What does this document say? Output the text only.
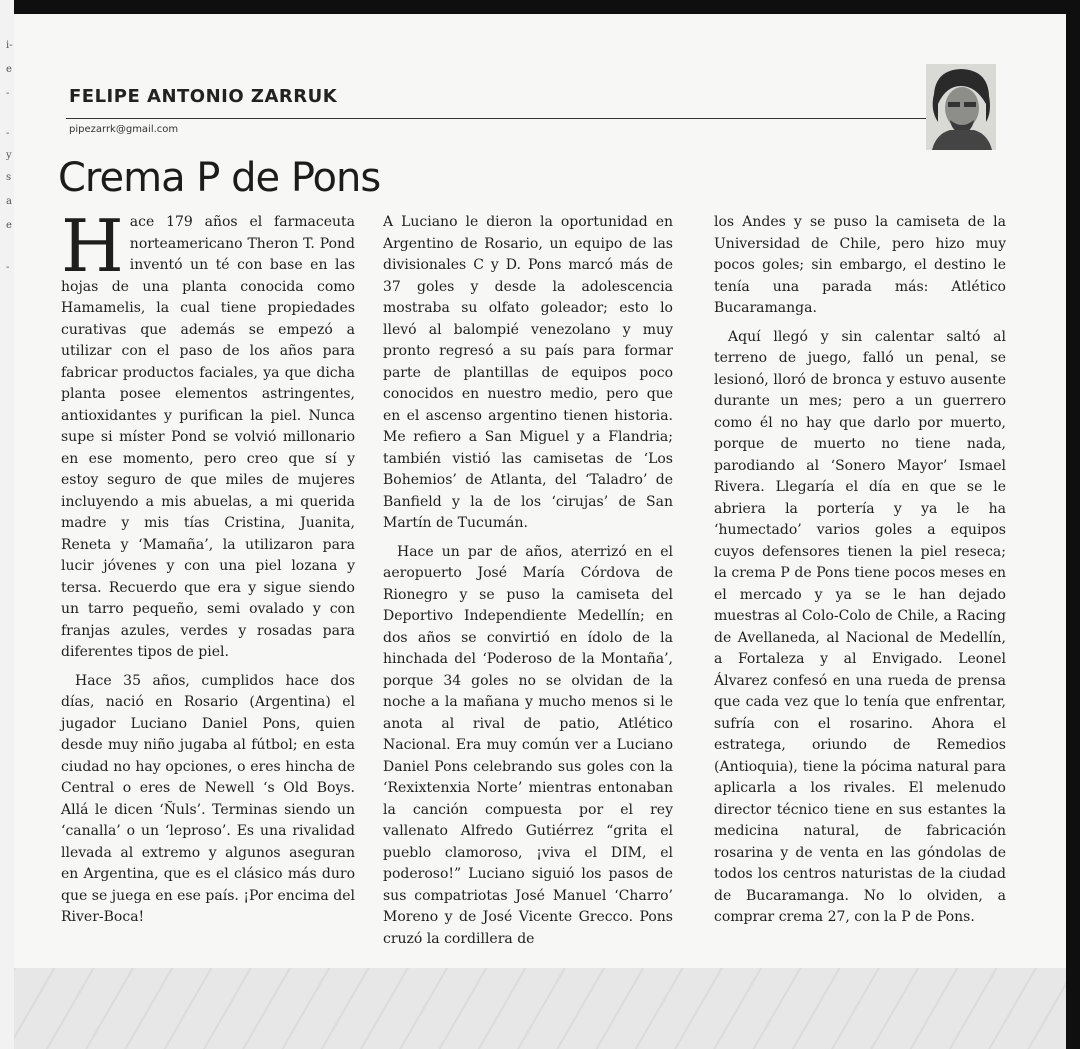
i-
e
-
-
y
s
a
e
-
FELIPE ANTONIO ZARRUK
pipezarrk@gmail.com
Crema P de Pons

Hace 179 años el farmaceuta norteamericano Theron T. Pond inventó un té con base en las hojas de una planta conocida como Hamamelis, la cual tiene propiedades curativas que además se empezó a utilizar con el paso de los años para fabricar productos faciales, ya que dicha planta posee elementos astringentes, antioxidantes y purifican la piel. Nunca supe si míster Pond se volvió millonario en ese momento, pero creo que sí y estoy seguro de que miles de mujeres incluyendo a mis abuelas, a mi querida madre y mis tías Cristina, Juanita, Reneta y ‘Mamaña’, la utilizaron para lucir jóvenes y con una piel lozana y tersa. Recuerdo que era y sigue siendo un tarro pequeño, semi ovalado y con franjas azules, verdes y rosadas para diferentes tipos de piel.

Hace 35 años, cumplidos hace dos días, nació en Rosario (Argentina) el jugador Luciano Daniel Pons, quien desde muy niño jugaba al fútbol; en esta ciudad no hay opciones, o eres hincha de Central o eres de Newell ‘s Old Boys. Allá le dicen ‘Ñuls’. Terminas siendo un ‘canalla’ o un ‘leproso’. Es una rivalidad llevada al extremo y algunos aseguran en Argentina, que es el clásico más duro que se juega en ese país. ¡Por encima del River-Boca!

A Luciano le dieron la oportunidad en Argentino de Rosario, un equipo de las divisionales C y D. Pons marcó más de 37 goles y desde la adolescencia mostraba su olfato goleador; esto lo llevó al balompié venezolano y muy pronto regresó a su país para formar parte de plantillas de equipos poco conocidos en nuestro medio, pero que en el ascenso argentino tienen historia. Me refiero a San Miguel y a Flandria; también vistió las camisetas de ‘Los Bohemios’ de Atlanta, del ‘Taladro’ de Banfield y la de los ‘cirujas’ de San Martín de Tucumán.

Hace un par de años, aterrizó en el aeropuerto José María Córdova de Rionegro y se puso la camiseta del Deportivo Independiente Medellín; en dos años se convirtió en ídolo de la hinchada del ‘Poderoso de la Montaña’, porque 34 goles no se olvidan de la noche a la mañana y mucho menos si le anota al rival de patio, Atlético Nacional. Era muy común ver a Luciano Daniel Pons celebrando sus goles con la ‘Rexixtenxia Norte’ mientras entonaban la canción compuesta por el rey vallenato Alfredo Gutiérrez “grita el pueblo clamoroso, ¡viva el DIM, el poderoso!” Luciano siguió los pasos de sus compatriotas José Manuel ‘Charro’ Moreno y de José Vicente Grecco. Pons cruzó la cordillera de

los Andes y se puso la camiseta de la Universidad de Chile, pero hizo muy pocos goles; sin embargo, el destino le tenía una parada más: Atlético Bucaramanga.

Aquí llegó y sin calentar saltó al terreno de juego, falló un penal, se lesionó, lloró de bronca y estuvo ausente durante un mes; pero a un guerrero como él no hay que darlo por muerto, porque de muerto no tiene nada, parodiando al ‘Sonero Mayor’ Ismael Rivera. Llegaría el día en que se le abriera la portería y ya le ha ‘humectado’ varios goles a equipos cuyos defensores tienen la piel reseca; la crema P de Pons tiene pocos meses en el mercado y ya se le han dejado muestras al Colo-Colo de Chile, a Racing de Avellaneda, al Nacional de Medellín, a Fortaleza y al Envigado. Leonel Álvarez confesó en una rueda de prensa que cada vez que lo tenía que enfrentar, sufría con el rosarino. Ahora el estratega, oriundo de Remedios (Antioquia), tiene la pócima natural para aplicarla a los rivales. El melenudo director técnico tiene en sus estantes la medicina natural, de fabricación rosarina y de venta en las góndolas de todos los centros naturistas de la ciudad de Bucaramanga. No lo olviden, a comprar crema 27, con la P de Pons.
